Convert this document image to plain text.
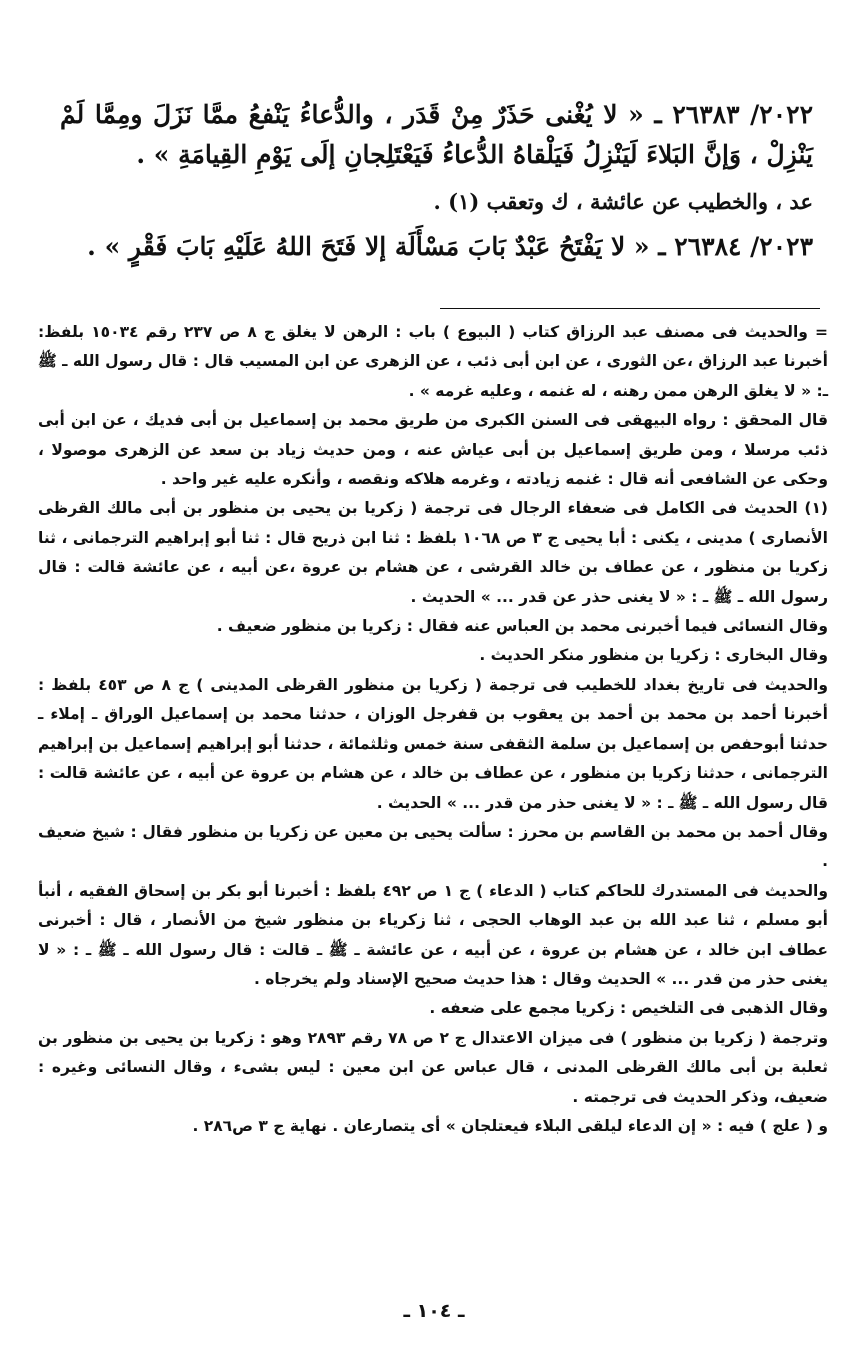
٢٠٢٢/ ٢٦٣٨٣ ـ « لا يُغْنى حَذَرٌ مِنْ قَدَر ، والدُّعاءُ يَنْفعُ ممَّا نَزَلَ ومِمَّا لَمْ يَنْزِلْ ، وَإنَّ البَلاءَ لَيَنْزِلُ فَيَلْقاهُ الدُّعاءُ فَيَعْتَلِجانِ إلَى يَوْمِ القِيامَةِ » .

عد ، والخطيب عن عائشة ، ك وتعقب (١) .

٢٠٢٣/ ٢٦٣٨٤ ـ « لا يَفْتَحُ عَبْدٌ بَابَ مَسْأَلَة إلا فَتَحَ اللهُ عَلَيْهِ بَابَ فَقْرٍ » .

= والحديث فى مصنف عبد الرزاق كتاب ( البيوع ) باب : الرهن لا يغلق ج ٨ ص ٢٣٧ رقم ١٥٠٣٤ بلفظ: أخبرنا عبد الرزاق ،عن الثورى ، عن ابن أبى ذئب ، عن الزهرى عن ابن المسيب قال : قال رسول الله ـ ﷺ ـ: « لا يغلق الرهن ممن رهنه ، له غنمه ، وعليه غرمه » .

قال المحقق : رواه البيهقى فى السنن الكبرى من طريق محمد بن إسماعيل بن أبى فديك ، عن ابن أبى ذئب مرسلا ، ومن طريق إسماعيل بن أبى عياش عنه ، ومن حديث زياد بن سعد عن الزهرى موصولا ، وحكى عن الشافعى أنه قال : غنمه زيادته ، وغرمه هلاكه ونقصه ، وأنكره عليه غير واحد .

(١) الحديث فى الكامل فى ضعفاء الرجال فى ترجمة ( زكريا بن يحيى بن منظور بن أبى مالك القرظى الأنصارى ) مدينى ، يكنى : أبا يحيى ج ٣ ص ١٠٦٨ بلفظ : ثنا ابن ذريح قال : ثنا أبو إبراهيم الترجمانى ، ثنا زكريا بن منظور ، عن عطاف بن خالد القرشى ، عن هشام بن عروة ،عن أبيه ، عن عائشة قالت : قال رسول الله ـ ﷺ ـ : « لا يغنى حذر عن قدر ... » الحديث .

وقال النسائى فيما أخبرنى محمد بن العباس عنه فقال : زكريا بن منظور ضعيف .

وقال البخارى : زكريا بن منظور منكر الحديث .

والحديث فى تاريخ بغداد للخطيب فى ترجمة ( زكريا بن منظور القرظى المدينى ) ج ٨ ص ٤٥٣ بلفظ : أخبرنا أحمد بن محمد بن أحمد بن يعقوب بن قفرجل الوزان ، حدثنا محمد بن إسماعيل الوراق ـ إملاء ـ حدثنا أبوحفص بن إسماعيل بن سلمة الثقفى سنة خمس وثلثمائة ، حدثنا أبو إبراهيم إسماعيل بن إبراهيم الترجمانى ، حدثنا زكريا بن منظور ، عن عطاف بن خالد ، عن هشام بن عروة عن أبيه ، عن عائشة قالت : قال رسول الله ـ ﷺ ـ : « لا يغنى حذر من قدر ... » الحديث .

وقال أحمد بن محمد بن القاسم بن محرز : سألت يحيى بن معين عن زكريا بن منظور فقال : شيخ ضعيف .

والحديث فى المستدرك للحاكم كتاب ( الدعاء ) ج ١ ص ٤٩٢ بلفظ : أخبرنا أبو بكر بن إسحاق الفقيه ، أنبأ أبو مسلم ، ثنا عبد الله بن عبد الوهاب الحجى ، ثنا زكرياء بن منظور شيخ من الأنصار ، قال : أخبرنى عطاف ابن خالد ، عن هشام بن عروة ، عن أبيه ، عن عائشة ـ ﷺ ـ قالت : قال رسول الله ـ ﷺ ـ : « لا يغنى حذر من قدر ... » الحديث وقال : هذا حديث صحيح الإسناد ولم يخرجاه .

وقال الذهبى فى التلخيص : زكريا مجمع على ضعفه .

وترجمة ( زكريا بن منظور ) فى ميزان الاعتدال ج ٢ ص ٧٨ رقم ٢٨٩٣ وهو : زكريا بن يحيى بن منظور بن ثعلبة بن أبى مالك القرظى المدنى ، قال عباس عن ابن معين : ليس بشىء ، وقال النسائى وغيره : ضعيف، وذكر الحديث فى ترجمته .

و ( علج ) فيه : « إن الدعاء ليلقى البلاء فيعتلجان » أى يتصارعان . نهاية ج ٣ ص٢٨٦ .

ـ ١٠٤ ـ
